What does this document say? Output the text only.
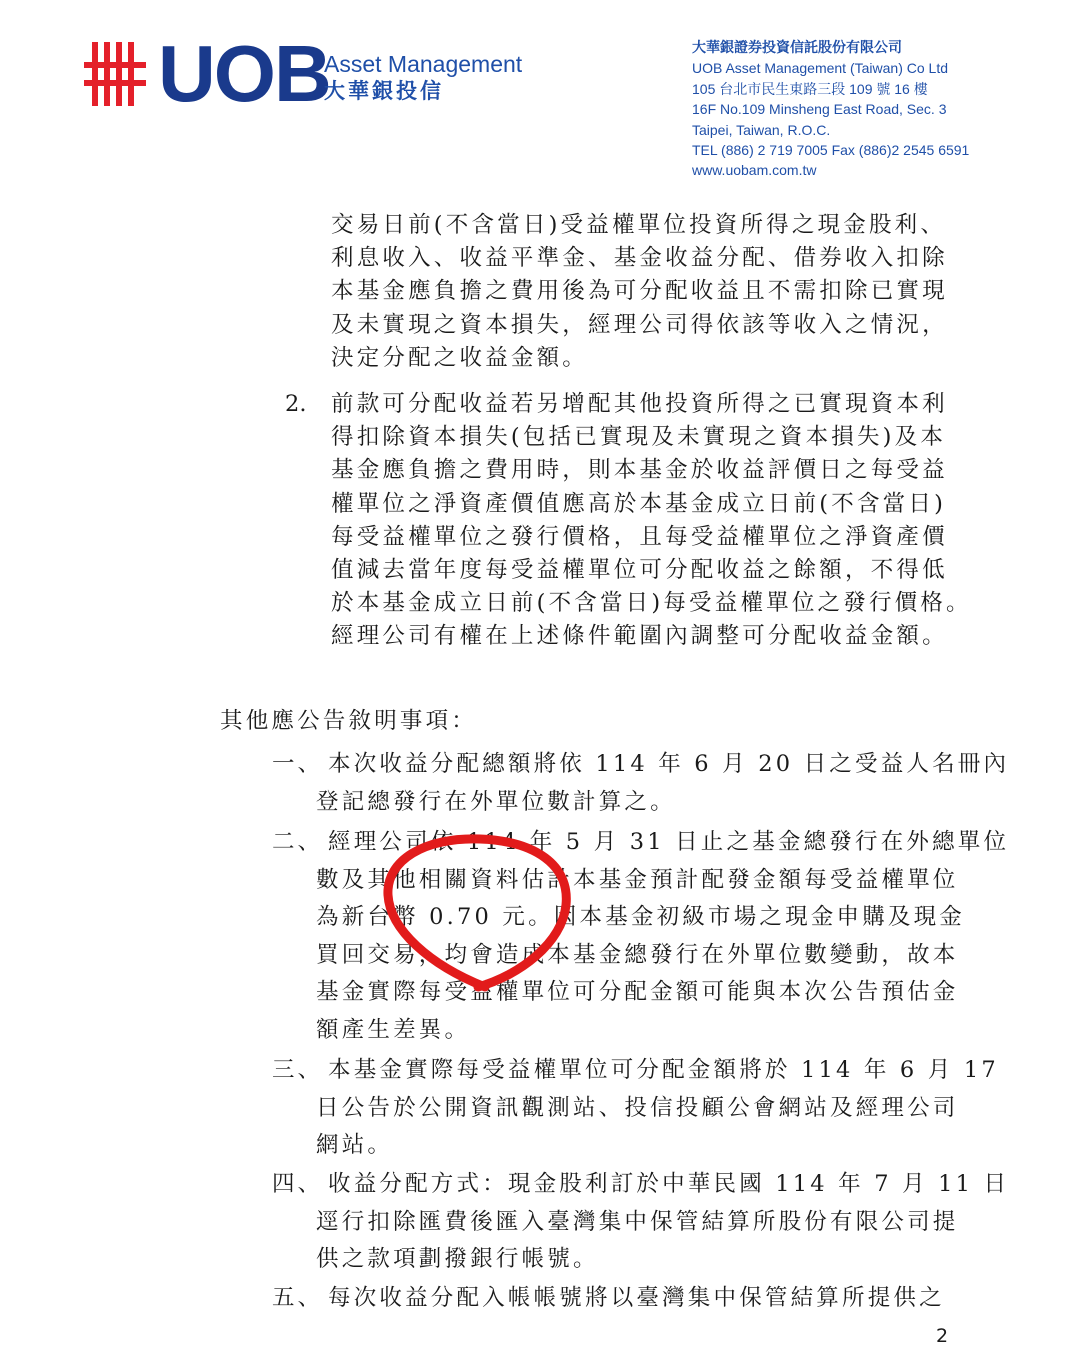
UOB
Asset Management
大華銀投信
大華銀證券投資信託股份有限公司
UOB Asset Management (Taiwan) Co Ltd
105 台北市民生東路三段 109 號 16 樓
16F No.109 Minsheng East Road, Sec. 3
Taipei, Taiwan, R.O.C.
TEL (886) 2 719 7005 Fax (886)2 2545 6591
www.uobam.com.tw
交易日前(不含當日)受益權單位投資所得之現金股利、
利息收入、收益平準金、基金收益分配、借券收入扣除
本基金應負擔之費用後為可分配收益且不需扣除已實現
及未實現之資本損失，經理公司得依該等收入之情況，
決定分配之收益金額。
2. 前款可分配收益若另增配其他投資所得之已實現資本利
得扣除資本損失(包括已實現及未實現之資本損失)及本
基金應負擔之費用時，則本基金於收益評價日之每受益
權單位之淨資產價值應高於本基金成立日前(不含當日)
每受益權單位之發行價格，且每受益權單位之淨資產價
值減去當年度每受益權單位可分配收益之餘額，不得低
於本基金成立日前(不含當日)每受益權單位之發行價格。
經理公司有權在上述條件範圍內調整可分配收益金額。
其他應公告敘明事項：
一、 本次收益分配總額將依 114 年 6 月 20 日之受益人名冊內
登記總發行在外單位數計算之。
二、 經理公司依 114 年 5 月 31 日止之基金總發行在外總單位
數及其他相關資料估計本基金預計配發金額每受益權單位
為新台幣 0.70 元。因本基金初級市場之現金申購及現金
買回交易，均會造成本基金總發行在外單位數變動，故本
基金實際每受益權單位可分配金額可能與本次公告預估金
額產生差異。
三、 本基金實際每受益權單位可分配金額將於 114 年 6 月 17
日公告於公開資訊觀測站、投信投顧公會網站及經理公司
網站。
四、 收益分配方式：現金股利訂於中華民國 114 年 7 月 11 日
逕行扣除匯費後匯入臺灣集中保管結算所股份有限公司提
供之款項劃撥銀行帳號。
五、 每次收益分配入帳帳號將以臺灣集中保管結算所提供之
2
